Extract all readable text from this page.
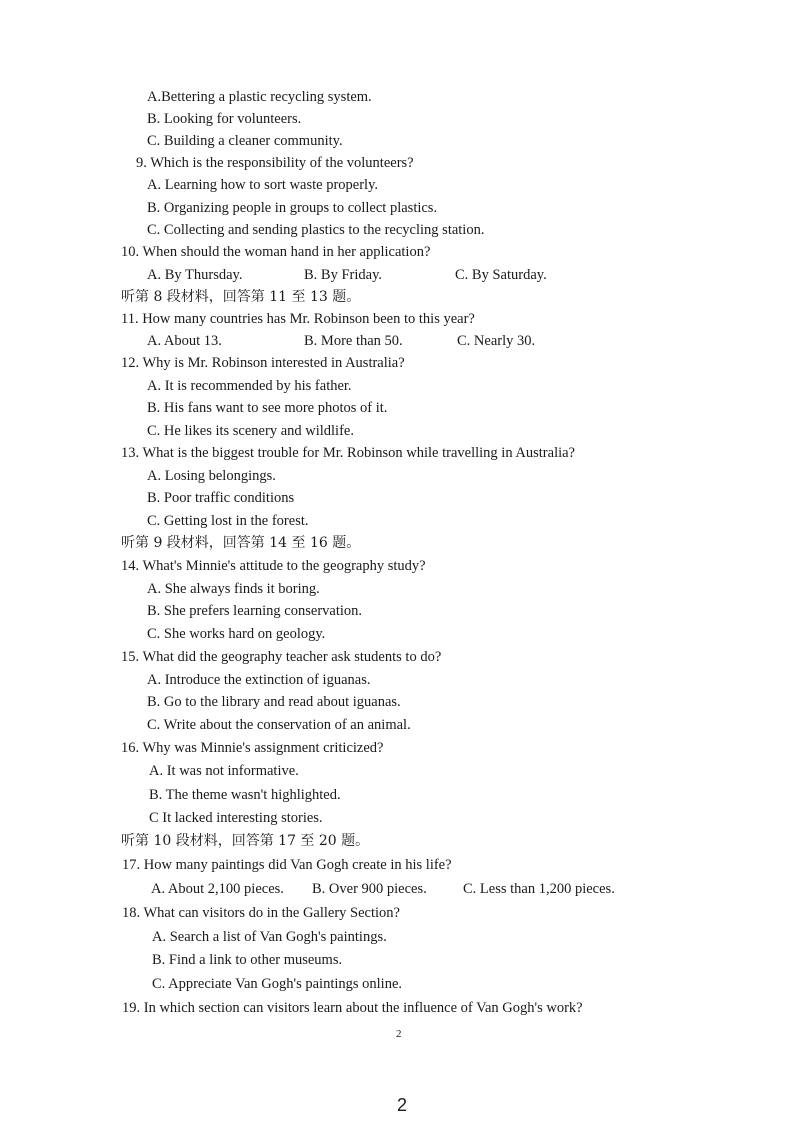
A.Bettering a plastic recycling system.
B. Looking for volunteers.
C. Building a cleaner community.
9. Which is the responsibility of the volunteers?
A. Learning how to sort waste properly.
B. Organizing people in groups to collect plastics.
C. Collecting and sending plastics to the recycling station.
10. When should the woman hand in her application?
A. By Thursday.	B. By Friday.	C. By Saturday.
听第 8 段材料，回答第 11 至 13 题。
11. How many countries has Mr. Robinson been to this year?
A. About 13.	B. More than 50.	C. Nearly 30.
12. Why is Mr. Robinson interested in Australia?
A. It is recommended by his father.
B. His fans want to see more photos of it.
C. He likes its scenery and wildlife.
13. What is the biggest trouble for Mr. Robinson while travelling in Australia?
A. Losing belongings.
B. Poor traffic conditions
C. Getting lost in the forest.
听第 9 段材料，回答第 14 至 16 题。
14. What's Minnie's attitude to the geography study?
A. She always finds it boring.
B. She prefers learning conservation.
C. She works hard on geology.
15. What did the geography teacher ask students to do?
A. Introduce the extinction of iguanas.
B. Go to the library and read about iguanas.
C. Write about the conservation of an animal.
16. Why was Minnie's assignment criticized?
A. It was not informative.
B. The theme wasn't highlighted.
C It lacked interesting stories.
听第 10 段材料，回答第 17 至 20 题。
17. How many paintings did Van Gogh create in his life?
A. About 2,100 pieces. B. Over 900 pieces. C. Less than 1,200 pieces.
18. What can visitors do in the Gallery Section?
A. Search a list of Van Gogh's paintings.
B. Find a link to other museums.
C. Appreciate Van Gogh's paintings online.
19. In which section can visitors learn about the influence of Van Gogh's work?
2
2
